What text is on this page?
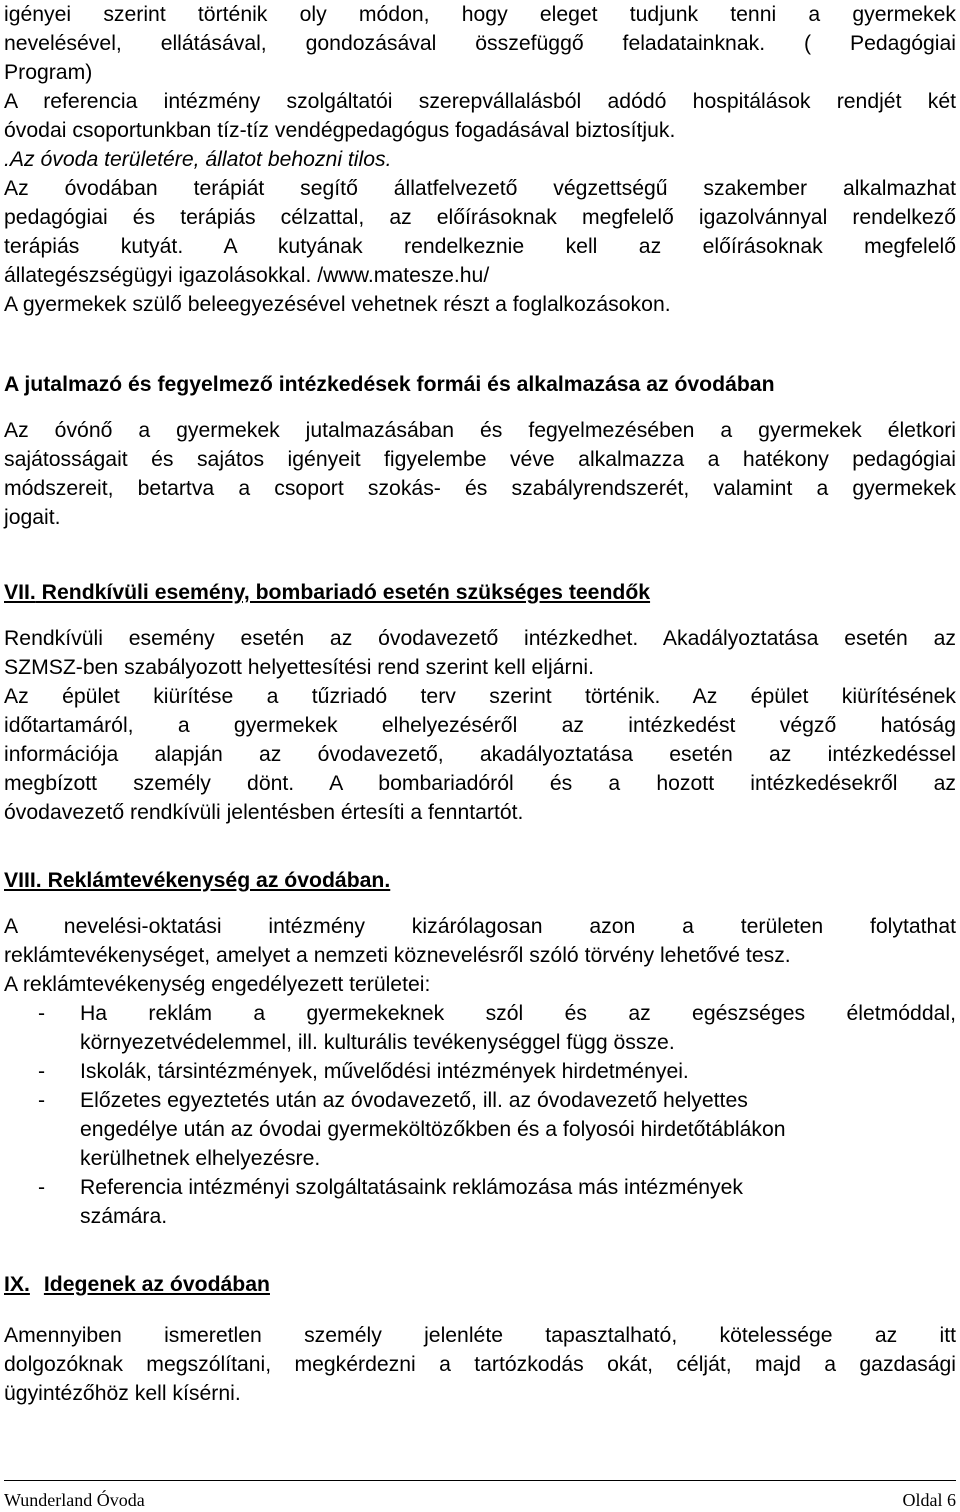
igényei szerint történik oly módon, hogy eleget tudjunk tenni a gyermekek
nevelésével, ellátásával, gondozásával összefüggő feladatainknak. ( Pedagógiai
Program)
A referencia intézmény szolgáltatói szerepvállalásból adódó hospitálások rendjét két
óvodai csoportunkban tíz-tíz vendégpedagógus fogadásával biztosítjuk.
.Az óvoda területére, állatot behozni tilos.
Az óvodában terápiát segítő állatfelvezető végzettségű szakember alkalmazhat
pedagógiai és terápiás célzattal, az előírásoknak megfelelő igazolvánnyal rendelkező
terápiás kutyát. A kutyának rendelkeznie kell az előírásoknak megfelelő
állategészségügyi igazolásokkal. /www.matesze.hu/
A gyermekek szülő beleegyezésével vehetnek részt a foglalkozásokon.
A jutalmazó és fegyelmező intézkedések formái és alkalmazása az óvodában
Az óvónő a gyermekek jutalmazásában és fegyelmezésében a gyermekek életkori
sajátosságait és sajátos igényeit figyelembe véve alkalmazza a hatékony pedagógiai
módszereit, betartva a csoport szokás- és szabályrendszerét, valamint a gyermekek
jogait.
VII. Rendkívüli esemény, bombariadó esetén szükséges teendők
Rendkívüli esemény esetén az óvodavezető intézkedhet. Akadályoztatása esetén az
SZMSZ-ben szabályozott helyettesítési rend szerint kell eljárni.
Az épület kiürítése a tűzriadó terv szerint történik. Az épület kiürítésének
időtartamáról, a gyermekek elhelyezéséről az intézkedést végző hatóság
információja alapján az óvodavezető, akadályoztatása esetén az intézkedéssel
megbízott személy dönt. A bombariadóról és a hozott intézkedésekről az
óvodavezető rendkívüli jelentésben értesíti a fenntartót.
VIII. Reklámtevékenység az óvodában.
A nevelési-oktatási intézmény kizárólagosan azon a területen folytathat
reklámtevékenységet, amelyet a nemzeti köznevelésről szóló törvény lehetővé tesz.
A reklámtevékenység engedélyezett területei:
- Ha reklám a gyermekeknek szól és az egészséges életmóddal,
környezetvédelemmel, ill. kulturális tevékenységgel függ össze.
- Iskolák, társintézmények, művelődési intézmények hirdetményei.
- Előzetes egyeztetés után az óvodavezető, ill. az óvodavezető helyettes
engedélye után az óvodai gyermeköltözőkben és a folyosói hirdetőtáblákon
kerülhetnek elhelyezésre.
- Referencia intézményi szolgáltatásaink reklámozása más intézmények
számára.
IX. Idegenek az óvodában
Amennyiben ismeretlen személy jelenléte tapasztalható, kötelessége az itt
dolgozóknak megszólítani, megkérdezni a tartózkodás okát, célját, majd a gazdasági
ügyintézőhöz kell kísérni.
Wunderland Óvoda	Oldal 6
